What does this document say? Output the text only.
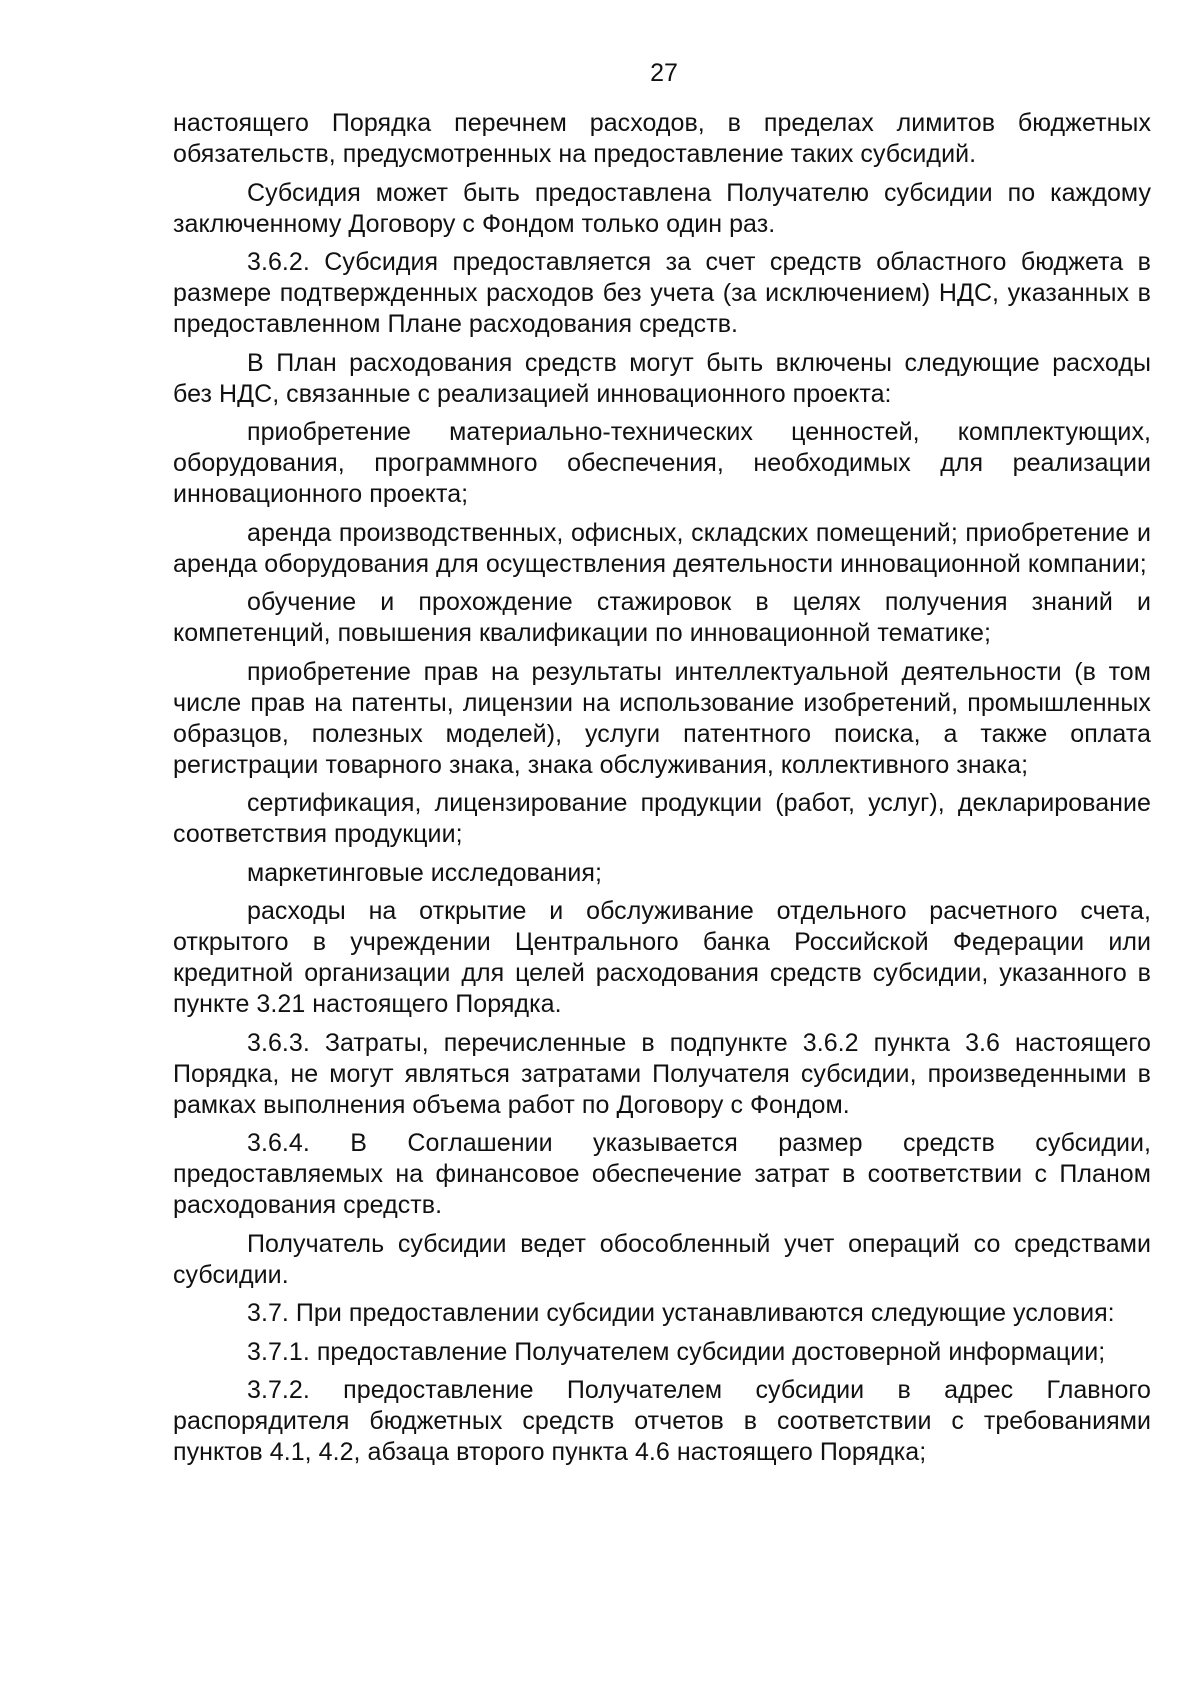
27

настоящего Порядка перечнем расходов, в пределах лимитов бюджетных обязательств, предусмотренных на предоставление таких субсидий.

Субсидия может быть предоставлена Получателю субсидии по каждому заключенному Договору с Фондом только один раз.

3.6.2. Субсидия предоставляется за счет средств областного бюджета в размере подтвержденных расходов без учета (за исключением) НДС, указанных в предоставленном Плане расходования средств.

В План расходования средств могут быть включены следующие расходы без НДС, связанные с реализацией инновационного проекта:

приобретение материально-технических ценностей, комплектующих, оборудования, программного обеспечения, необходимых для реализации инновационного проекта;

аренда производственных, офисных, складских помещений; приобретение и аренда оборудования для осуществления деятельности инновационной компании;

обучение и прохождение стажировок в целях получения знаний и компетенций, повышения квалификации по инновационной тематике;

приобретение прав на результаты интеллектуальной деятельности (в том числе прав на патенты, лицензии на использование изобретений, промышленных образцов, полезных моделей), услуги патентного поиска, а также оплата регистрации товарного знака, знака обслуживания, коллективного знака;

сертификация, лицензирование продукции (работ, услуг), декларирование соответствия продукции;

маркетинговые исследования;

расходы на открытие и обслуживание отдельного расчетного счета, открытого в учреждении Центрального банка Российской Федерации или кредитной организации для целей расходования средств субсидии, указанного в пункте 3.21 настоящего Порядка.

3.6.3. Затраты, перечисленные в подпункте 3.6.2 пункта 3.6 настоящего Порядка, не могут являться затратами Получателя субсидии, произведенными в рамках выполнения объема работ по Договору с Фондом.

3.6.4. В Соглашении указывается размер средств субсидии, предоставляемых на финансовое обеспечение затрат в соответствии с Планом расходования средств.

Получатель субсидии ведет обособленный учет операций со средствами субсидии.

3.7. При предоставлении субсидии устанавливаются следующие условия:

3.7.1. предоставление Получателем субсидии достоверной информации;

3.7.2. предоставление Получателем субсидии в адрес Главного распорядителя бюджетных средств отчетов в соответствии с требованиями пунктов 4.1, 4.2, абзаца второго пункта 4.6 настоящего Порядка;
